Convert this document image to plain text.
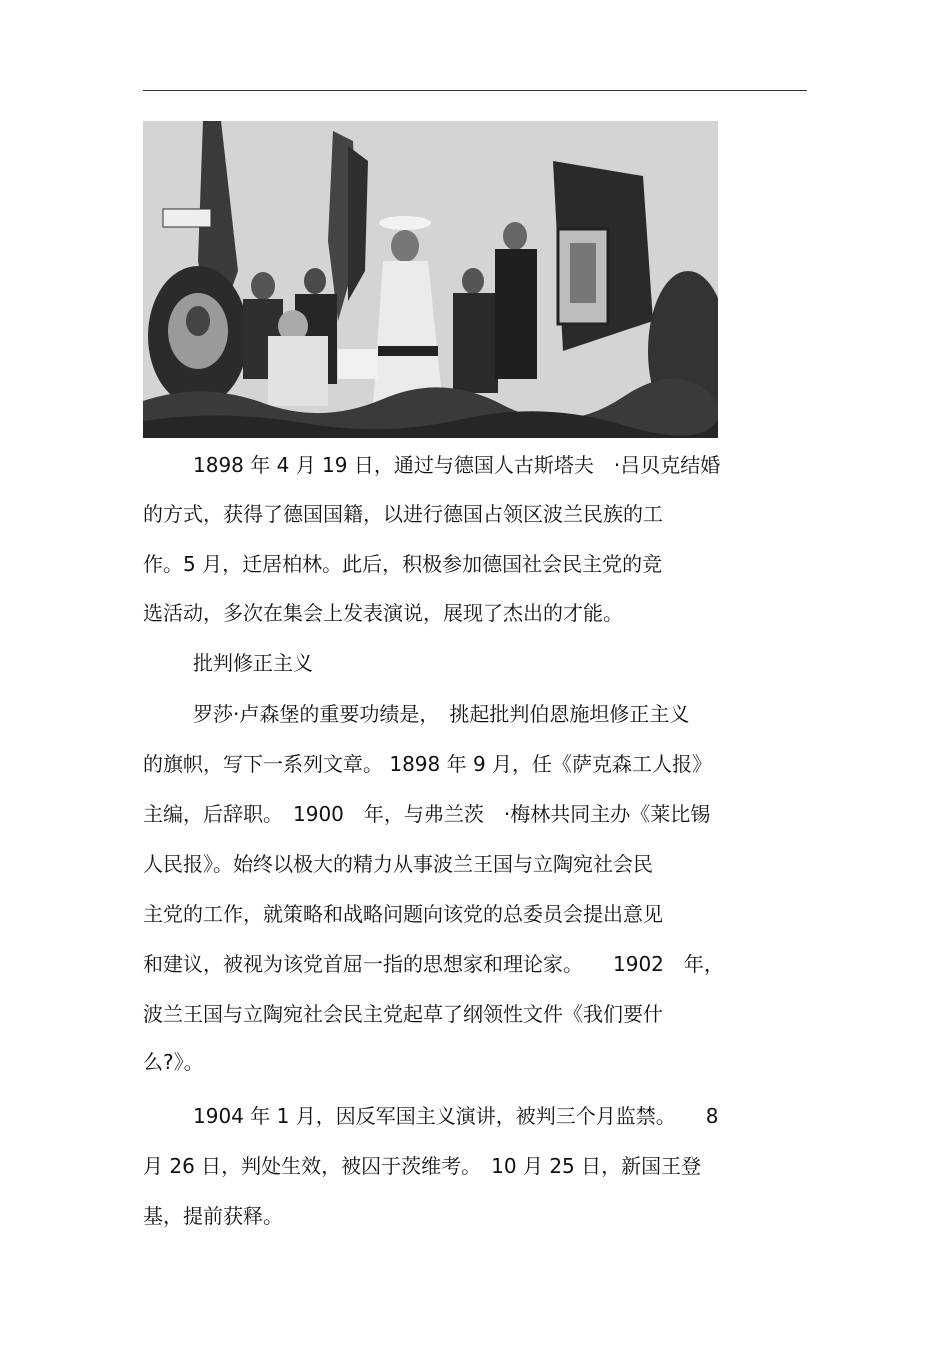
1898 年 4 月 19 日，通过与德国人古斯塔夫　·吕贝克结婚

的方式，获得了德国国籍，以进行德国占领区波兰民族的工

作。5 月，迁居柏林。此后，积极参加德国社会民主党的竞

选活动，多次在集会上发表演说，展现了杰出的才能。

批判修正主义

罗莎·卢森堡的重要功绩是，　挑起批判伯恩施坦修正主义

的旗帜，写下一系列文章。 1898 年 9 月，任《萨克森工人报》

主编，后辞职。　1900　年，与弗兰茨　·梅林共同主办《莱比锡

人民报》。始终以极大的精力从事波兰王国与立陶宛社会民

主党的工作，就策略和战略问题向该党的总委员会提出意见

和建议，被视为该党首屈一指的思想家和理论家。　　1902　年，

波兰王国与立陶宛社会民主党起草了纲领性文件《我们要什

么?》。

1904 年 1 月，因反军国主义演讲，被判三个月监禁。　　8

月 26 日，判处生效，被囚于茨维考。　10 月 25 日，新国王登

基，提前获释。
